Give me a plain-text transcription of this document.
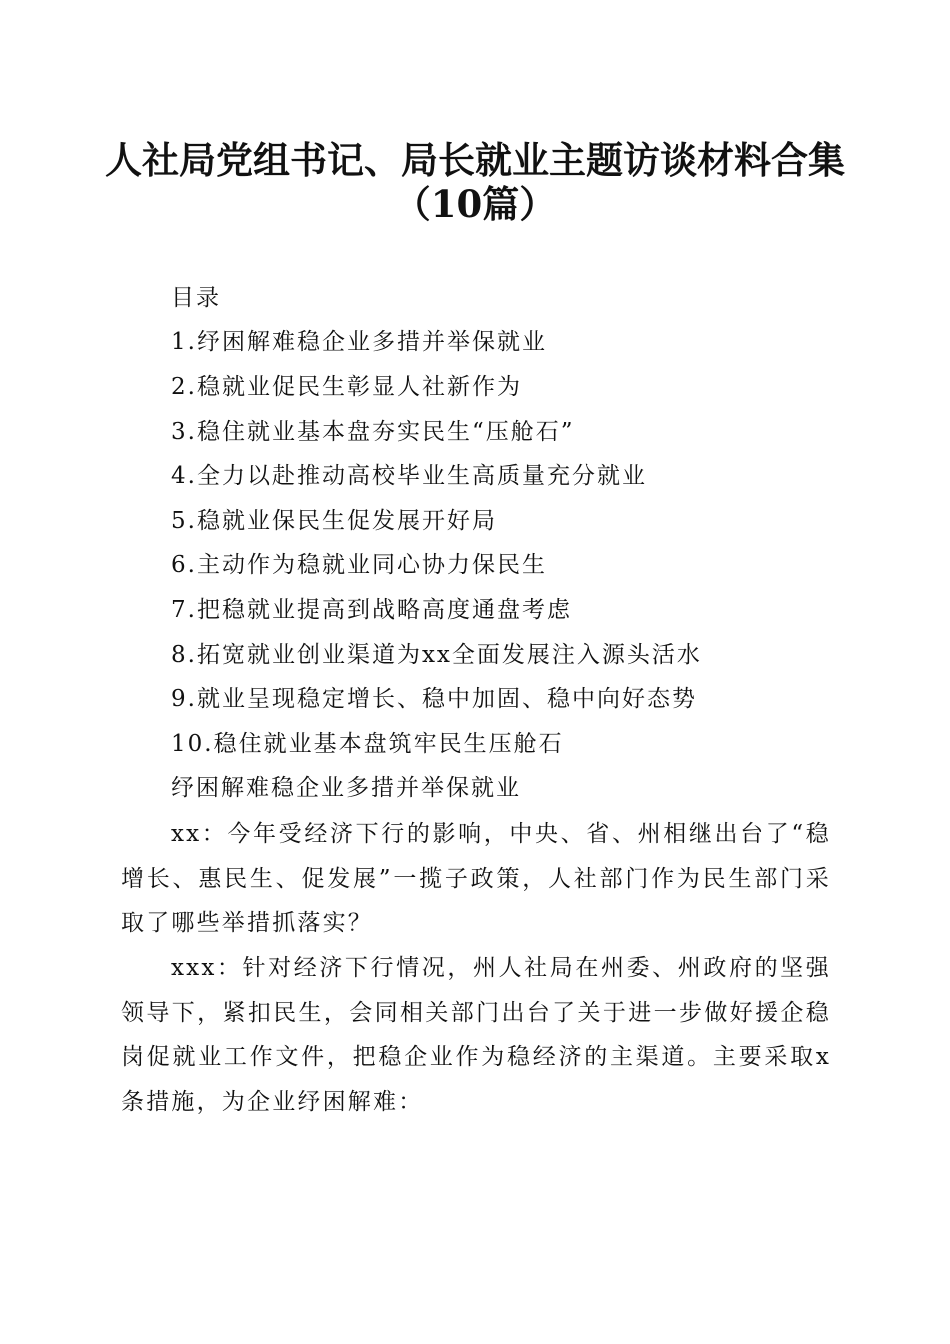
人社局党组书记、局长就业主题访谈材料合集
（10篇）
目录
1.纾困解难稳企业多措并举保就业
2.稳就业促民生彰显人社新作为
3.稳住就业基本盘夯实民生“压舱石”
4.全力以赴推动高校毕业生高质量充分就业
5.稳就业保民生促发展开好局
6.主动作为稳就业同心协力保民生
7.把稳就业提高到战略高度通盘考虑
8.拓宽就业创业渠道为xx全面发展注入源头活水
9.就业呈现稳定增长、稳中加固、稳中向好态势
10.稳住就业基本盘筑牢民生压舱石
纾困解难稳企业多措并举保就业

xx：今年受经济下行的影响，中央、省、州相继出台了“稳增长、惠民生、促发展”一揽子政策，人社部门作为民生部门采取了哪些举措抓落实？

xxx：针对经济下行情况，州人社局在州委、州政府的坚强领导下，紧扣民生，会同相关部门出台了关于进一步做好援企稳岗促就业工作文件，把稳企业作为稳经济的主渠道。主要采取x条措施，为企业纾困解难：
